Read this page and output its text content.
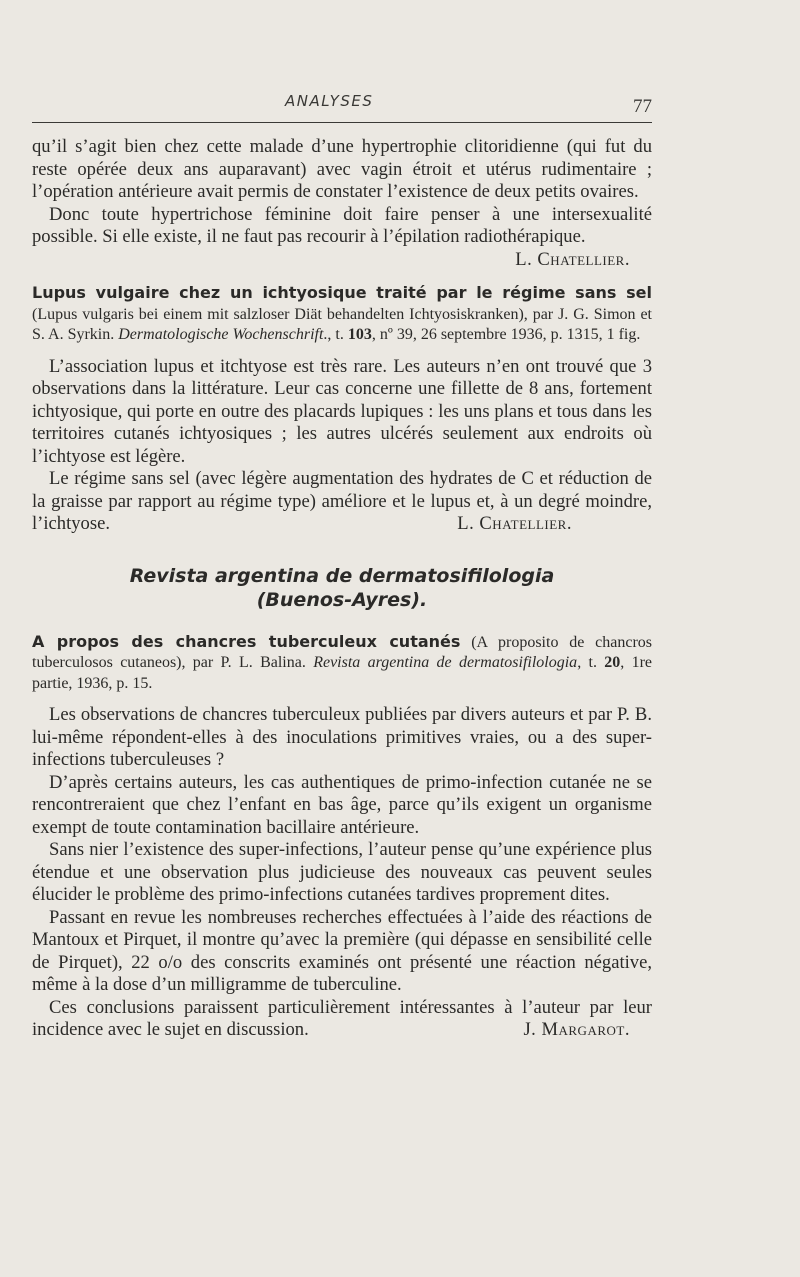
ANALYSES	77

qu’il s’agit bien chez cette malade d’une hypertrophie clitoridienne (qui fut du reste opérée deux ans auparavant) avec vagin étroit et utérus rudimentaire ; l’opération antérieure avait permis de constater l’existence de deux petits ovaires.

Donc toute hypertrichose féminine doit faire penser à une intersexualité possible. Si elle existe, il ne faut pas recourir à l’épilation radiothérapique.

L. Chatellier.
Lupus vulgaire chez un ichtyosique traité par le régime sans sel (Lupus vulgaris bei einem mit salzloser Diät behandelten Ichtyosiskranken), par J. G. Simon et S. A. Syrkin. Dermatologische Wochenschrift., t. 103, nº 39, 26 septembre 1936, p. 1315, 1 fig.

L’association lupus et itchtyose est très rare. Les auteurs n’en ont trouvé que 3 observations dans la littérature. Leur cas concerne une fillette de 8 ans, fortement ichtyosique, qui porte en outre des placards lupiques : les uns plans et tous dans les territoires cutanés ichtyosiques ; les autres ulcérés seulement aux endroits où l’ichtyose est légère.

Le régime sans sel (avec légère augmentation des hydrates de C et réduction de la graisse par rapport au régime type) améliore et le lupus et, à un degré moindre, l’ichtyose.	L. Chatellier.

Revista argentina de dermatosifilologia
(Buenos-Ayres).
A propos des chancres tuberculeux cutanés (A proposito de chancros tuberculosos cutaneos), par P. L. Balina. Revista argentina de dermatosifilologia, t. 20, 1re partie, 1936, p. 15.

Les observations de chancres tuberculeux publiées par divers auteurs et par P. B. lui-même répondent-elles à des inoculations primitives vraies, ou a des super-infections tuberculeuses ?

D’après certains auteurs, les cas authentiques de primo-infection cutanée ne se rencontreraient que chez l’enfant en bas âge, parce qu’ils exigent un organisme exempt de toute contamination bacillaire antérieure.

Sans nier l’existence des super-infections, l’auteur pense qu’une expérience plus étendue et une observation plus judicieuse des nouveaux cas peuvent seules élucider le problème des primo-infections cutanées tardives proprement dites.

Passant en revue les nombreuses recherches effectuées à l’aide des réactions de Mantoux et Pirquet, il montre qu’avec la première (qui dépasse en sensibilité celle de Pirquet), 22 o/o des conscrits examinés ont présenté une réaction négative, même à la dose d’un milligramme de tuberculine.

Ces conclusions paraissent particulièrement intéressantes à l’auteur par leur incidence avec le sujet en discussion.	J. Margarot.
